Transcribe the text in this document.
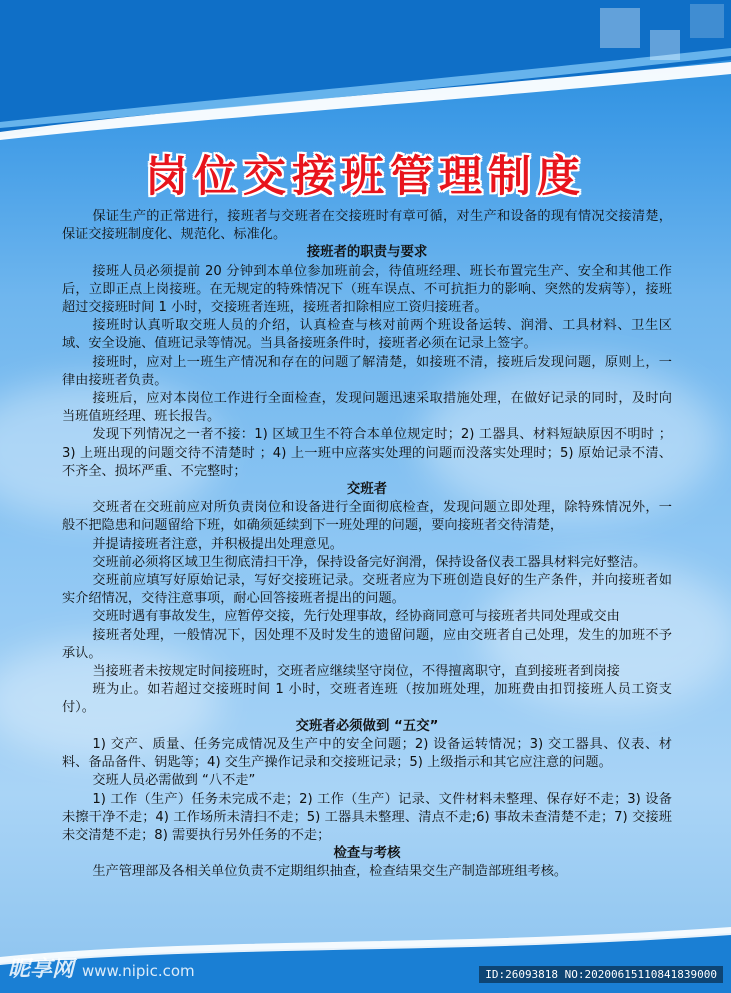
岗位交接班管理制度

保证生产的正常进行，接班者与交班者在交接班时有章可循，对生产和设备的现有情况交接清楚，保证交接班制度化、规范化、标准化。

接班者的职责与要求

接班人员必须提前 20 分钟到本单位参加班前会，待值班经理、班长布置完生产、安全和其他工作后，立即正点上岗接班。在无规定的特殊情况下（班车误点、不可抗拒力的影响、突然的发病等），接班超过交接班时间 1 小时，交接班者连班，接班者扣除相应工资归接班者。

接班时认真听取交班人员的介绍，认真检查与核对前两个班设备运转、润滑、工具材料、卫生区域、安全设施、值班记录等情况。当具备接班条件时，接班者必须在记录上签字。

接班时，应对上一班生产情况和存在的问题了解清楚，如接班不清，接班后发现问题，原则上，一律由接班者负责。

接班后，应对本岗位工作进行全面检查，发现问题迅速采取措施处理，在做好记录的同时，及时向当班值班经理、班长报告。

发现下列情况之一者不接：1) 区域卫生不符合本单位规定时；2) 工器具、材料短缺原因不明时 ；3) 上班出现的问题交待不清楚时 ；4) 上一班中应落实处理的问题而没落实处理时；5) 原始记录不清、不齐全、损坏严重、不完整时；

交班者

交班者在交班前应对所负责岗位和设备进行全面彻底检查，发现问题立即处理，除特殊情况外，一般不把隐患和问题留给下班，如确须延续到下一班处理的问题，要向接班者交待清楚，

并提请接班者注意，并积极提出处理意见。

交班前必须将区域卫生彻底清扫干净，保持设备完好润滑，保持设备仪表工器具材料完好整洁。

交班前应填写好原始记录，写好交接班记录。交班者应为下班创造良好的生产条件，并向接班者如实介绍情况，交待注意事项，耐心回答接班者提出的问题。

交班时遇有事故发生，应暂停交接，先行处理事故，经协商同意可与接班者共同处理或交由

接班者处理，一般情况下，因处理不及时发生的遗留问题，应由交班者自己处理，发生的加班不予承认。

当接班者未按规定时间接班时，交班者应继续坚守岗位，不得擅离职守，直到接班者到岗接

班为止。如若超过交接班时间 1 小时，交班者连班（按加班处理，加班费由扣罚接班人员工资支付）。

交班者必须做到 “五交”

1) 交产、质量、任务完成情况及生产中的安全问题；2) 设备运转情况；3) 交工器具、仪表、材料、备品备件、钥匙等；4) 交生产操作记录和交接班记录；5) 上级指示和其它应注意的问题。

交班人员必需做到 “八不走”

1) 工作（生产）任务未完成不走；2) 工作（生产）记录、文件材料未整理、保存好不走；3) 设备未擦干净不走；4) 工作场所未清扫不走；5) 工器具未整理、清点不走;6) 事故未查清楚不走；7) 交接班未交清楚不走；8) 需要执行另外任务的不走；

检查与考核

生产管理部及各相关单位负责不定期组织抽查，检查结果交生产制造部班组考核。

昵享网 www.nipic.com	ID:26093818 NO:20200615110841839000
